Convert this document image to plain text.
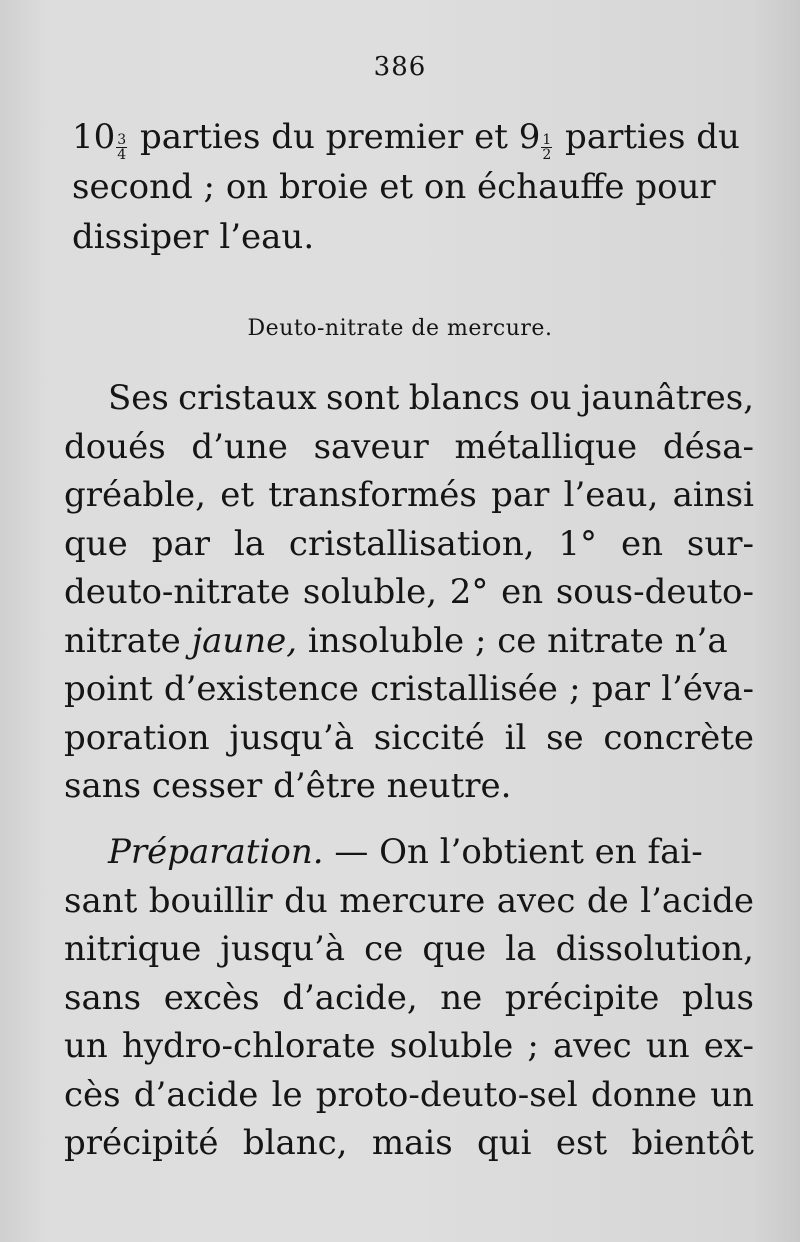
386
$10 \frac{3}{4}$ parties du premier et $9 \frac{1}{2}$ parties du
second ; on broie et on échauffe pour
dissiper l’eau.
Deuto-nitrate de mercure.
Ses cristaux sont blancs ou jaunâtres,
doués d’une saveur métallique désa-
gréable, et transformés par l’eau, ainsi
que par la cristallisation, 1° en sur-
deuto-nitrate soluble, 2° en sous-deuto-
nitrate jaune, insoluble ; ce nitrate n’a
point d’existence cristallisée ; par l’éva-
poration jusqu’à siccité il se concrète
sans cesser d’être neutre.
Préparation. — On l’obtient en fai-
sant bouillir du mercure avec de l’acide
nitrique jusqu’à ce que la dissolution,
sans excès d’acide, ne précipite plus
un hydro-chlorate soluble ; avec un ex-
cès d’acide le proto-deuto-sel donne un
précipité blanc, mais qui est bientôt
